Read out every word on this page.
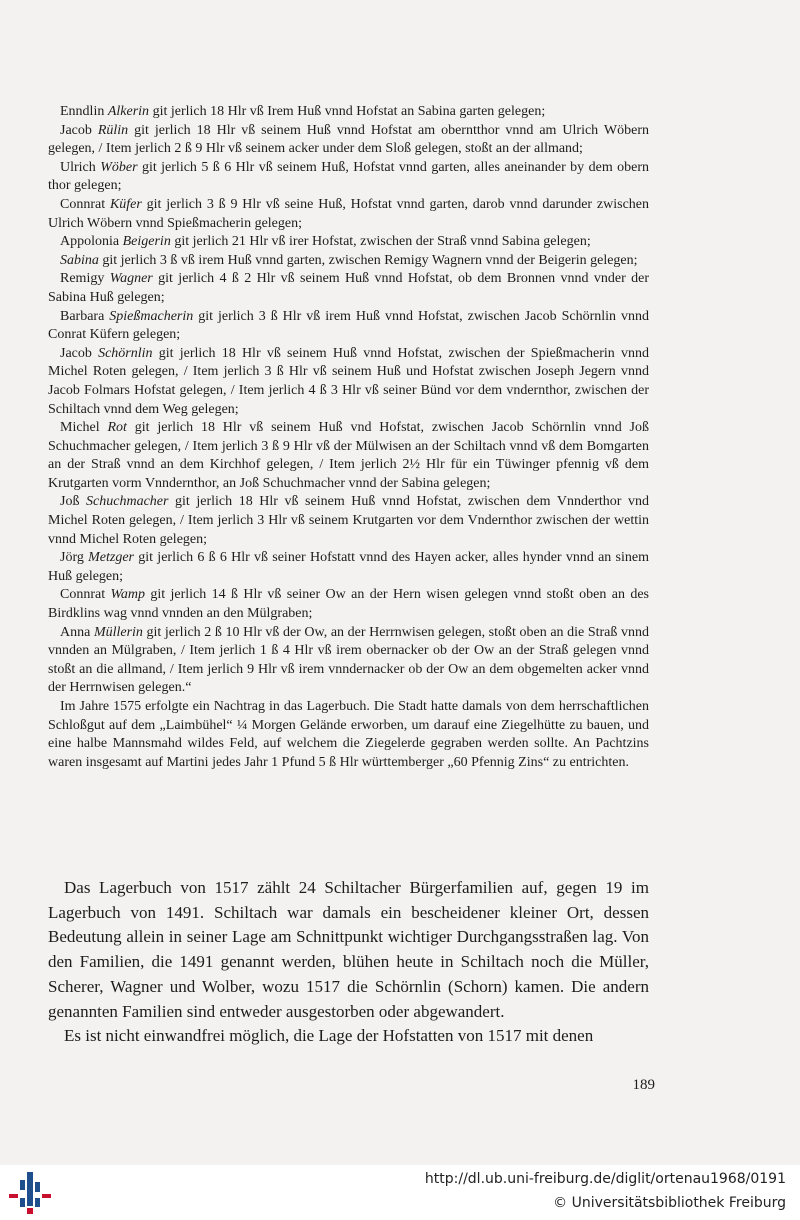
Enndlin Alkerin git jerlich 18 Hlr vß Irem Huß vnnd Hofstat an Sabina garten gelegen;

Jacob Rülin git jerlich 18 Hlr vß seinem Huß vnnd Hofstat am oberntthor vnnd am Ulrich Wöbern gelegen, / Item jerlich 2 ß 9 Hlr vß seinem acker under dem Sloß gelegen, stoßt an der allmand;

Ulrich Wöber git jerlich 5 ß 6 Hlr vß seinem Huß, Hofstat vnnd garten, alles aneinander by dem obern thor gelegen;

Connrat Küfer git jerlich 3 ß 9 Hlr vß seine Huß, Hofstat vnnd garten, darob vnnd darunder zwischen Ulrich Wöbern vnnd Spießmacherin gelegen;

Appolonia Beigerin git jerlich 21 Hlr vß irer Hofstat, zwischen der Straß vnnd Sabina gelegen;

Sabina git jerlich 3 ß vß irem Huß vnnd garten, zwischen Remigy Wagnern vnnd der Beigerin gelegen;

Remigy Wagner git jerlich 4 ß 2 Hlr vß seinem Huß vnnd Hofstat, ob dem Bronnen vnnd vnder der Sabina Huß gelegen;

Barbara Spießmacherin git jerlich 3 ß Hlr vß irem Huß vnnd Hofstat, zwischen Jacob Schörnlin vnnd Conrat Küfern gelegen;

Jacob Schörnlin git jerlich 18 Hlr vß seinem Huß vnnd Hofstat, zwischen der Spießmacherin vnnd Michel Roten gelegen, / Item jerlich 3 ß Hlr vß seinem Huß und Hofstat zwischen Joseph Jegern vnnd Jacob Folmars Hofstat gelegen, / Item jerlich 4 ß 3 Hlr vß seiner Bünd vor dem vndernthor, zwischen der Schiltach vnnd dem Weg gelegen;

Michel Rot git jerlich 18 Hlr vß seinem Huß vnd Hofstat, zwischen Jacob Schörnlin vnnd Joß Schuchmacher gelegen, / Item jerlich 3 ß 9 Hlr vß der Mülwisen an der Schiltach vnnd vß dem Bomgarten an der Straß vnnd an dem Kirchhof gelegen, / Item jerlich 2½ Hlr für ein Tüwinger pfennig vß dem Krutgarten vorm Vnndernthor, an Joß Schuchmacher vnnd der Sabina gelegen;

Joß Schuchmacher git jerlich 18 Hlr vß seinem Huß vnnd Hofstat, zwischen dem Vnnderthor vnd Michel Roten gelegen, / Item jerlich 3 Hlr vß seinem Krutgarten vor dem Vndernthor zwischen der wettin vnnd Michel Roten gelegen;

Jörg Metzger git jerlich 6 ß 6 Hlr vß seiner Hofstatt vnnd des Hayen acker, alles hynder vnnd an sinem Huß gelegen;

Connrat Wamp git jerlich 14 ß Hlr vß seiner Ow an der Hern wisen gelegen vnnd stoßt oben an des Birdklins wag vnnd vnnden an den Mülgraben;

Anna Müllerin git jerlich 2 ß 10 Hlr vß der Ow, an der Herrnwisen gelegen, stoßt oben an die Straß vnnd vnnden an Mülgraben, / Item jerlich 1 ß 4 Hlr vß irem obernacker ob der Ow an der Straß gelegen vnnd stoßt an die allmand, / Item jerlich 9 Hlr vß irem vnndernacker ob der Ow an dem obgemelten acker vnnd der Herrnwisen gelegen.“

Im Jahre 1575 erfolgte ein Nachtrag in das Lagerbuch. Die Stadt hatte damals von dem herrschaftlichen Schloßgut auf dem „Laimbühel“ ¼ Morgen Gelände erworben, um darauf eine Ziegelhütte zu bauen, und eine halbe Mannsmahd wildes Feld, auf welchem die Ziegelerde gegraben werden sollte. An Pachtzins waren insgesamt auf Martini jedes Jahr 1 Pfund 5 ß Hlr württemberger „60 Pfennig Zins“ zu entrichten.

Das Lagerbuch von 1517 zählt 24 Schiltacher Bürgerfamilien auf, gegen 19 im Lagerbuch von 1491. Schiltach war damals ein bescheidener kleiner Ort, dessen Bedeutung allein in seiner Lage am Schnittpunkt wichtiger Durchgangsstraßen lag. Von den Familien, die 1491 genannt werden, blühen heute in Schiltach noch die Müller, Scherer, Wagner und Wolber, wozu 1517 die Schörnlin (Schorn) kamen. Die andern genannten Familien sind entweder ausgestorben oder abgewandert.

Es ist nicht einwandfrei möglich, die Lage der Hofstatten von 1517 mit denen

189
http://dl.ub.uni-freiburg.de/diglit/ortenau1968/0191
© Universitätsbibliothek Freiburg
